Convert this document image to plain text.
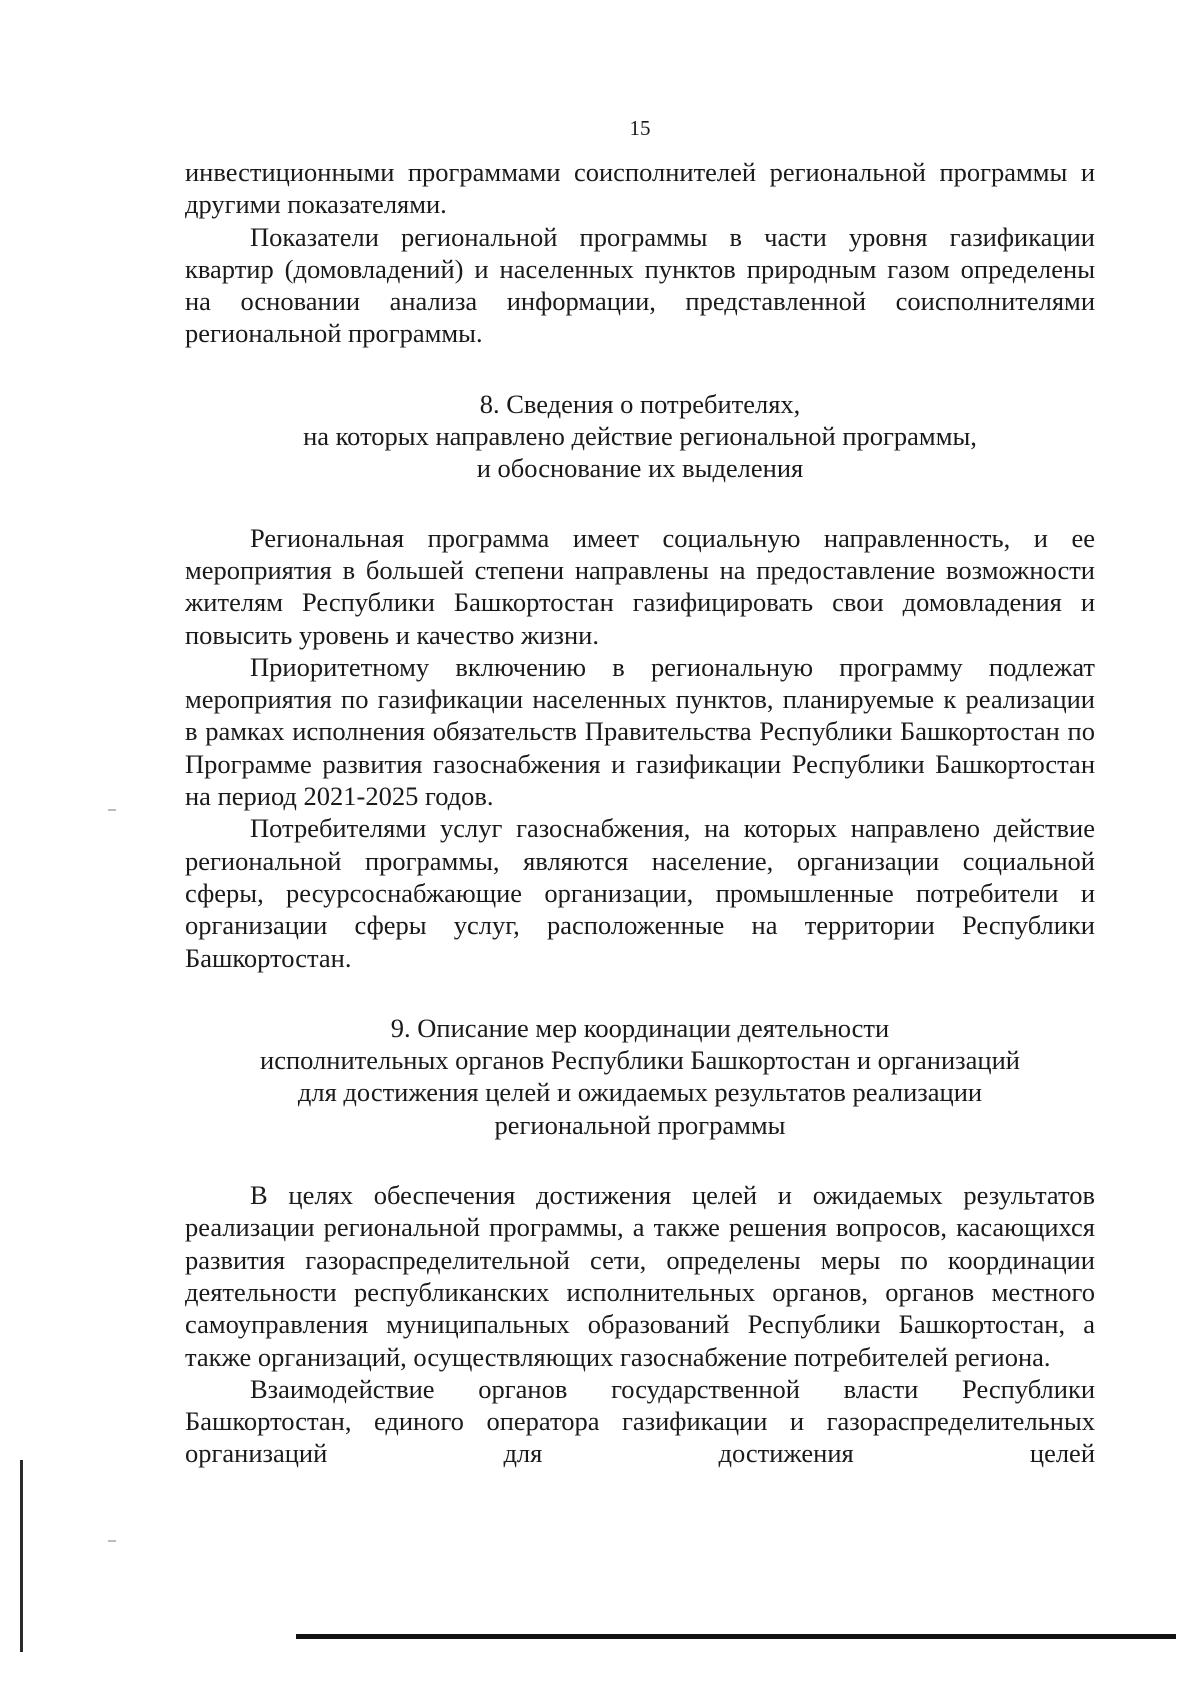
15

инвестиционными программами соисполнителей региональной программы и другими показателями.

Показатели региональной программы в части уровня газификации квартир (домовладений) и населенных пунктов природным газом определены на основании анализа информации, представленной соисполнителями региональной программы.

8. Сведения о потребителях,
на которых направлено действие региональной программы,
и обоснование их выделения

Региональная программа имеет социальную направленность, и ее мероприятия в большей степени направлены на предоставление возможности жителям Республики Башкортостан газифицировать свои домовладения и повысить уровень и качество жизни.

Приоритетному включению в региональную программу подлежат мероприятия по газификации населенных пунктов, планируемые к реализации в рамках исполнения обязательств Правительства Республики Башкортостан по Программе развития газоснабжения и газификации Республики Башкортостан на период 2021-2025 годов.

Потребителями услуг газоснабжения, на которых направлено действие региональной программы, являются население, организации социальной сферы, ресурсоснабжающие организации, промышленные потребители и организации сферы услуг, расположенные на территории Республики Башкортостан.

9. Описание мер координации деятельности
исполнительных органов Республики Башкортостан и организаций
для достижения целей и ожидаемых результатов реализации
региональной программы

В целях обеспечения достижения целей и ожидаемых результатов реализации региональной программы, а также решения вопросов, касающихся развития газораспределительной сети, определены меры по координации деятельности республиканских исполнительных органов, органов местного самоуправления муниципальных образований Республики Башкортостан, а также организаций, осуществляющих газоснабжение потребителей региона.

Взаимодействие органов государственной власти Республики Башкортостан, единого оператора газификации и газораспределительных организаций для достижения целей
